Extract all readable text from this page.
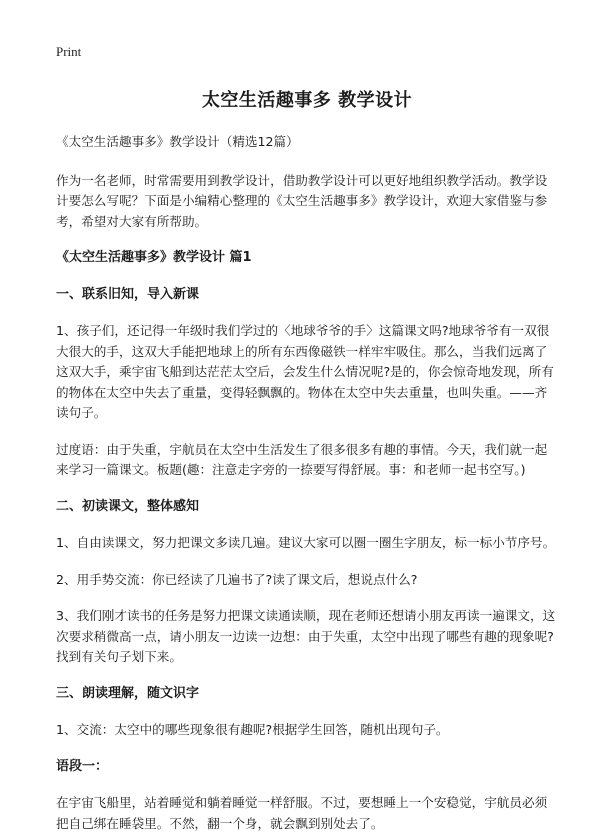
Print
太空生活趣事多 教学设计

《太空生活趣事多》教学设计（精选12篇）

作为一名老师，时常需要用到教学设计，借助教学设计可以更好地组织教学活动。教学设计要怎么写呢？下面是小编精心整理的《太空生活趣事多》教学设计，欢迎大家借鉴与参考，希望对大家有所帮助。

《太空生活趣事多》教学设计 篇1

一、联系旧知，导入新课

1、孩子们，还记得一年级时我们学过的〈地球爷爷的手〉这篇课文吗?地球爷爷有一双很大很大的手，这双大手能把地球上的所有东西像磁铁一样牢牢吸住。那么，当我们远离了这双大手，乘宇宙飞船到达茫茫太空后，会发生什么情况呢?是的，你会惊奇地发现，所有的物体在太空中失去了重量，变得轻飘飘的。物体在太空中失去重量，也叫失重。——齐读句子。

过度语：由于失重，宇航员在太空中生活发生了很多很多有趣的事情。今天，我们就一起来学习一篇课文。板题(趣：注意走字旁的一捺要写得舒展。事：和老师一起书空写。)

二、初读课文，整体感知

1、自由读课文，努力把课文多读几遍。建议大家可以圈一圈生字朋友，标一标小节序号。

2、用手势交流：你已经读了几遍书了?读了课文后，想说点什么?

3、我们刚才读书的任务是努力把课文读通读顺，现在老师还想请小朋友再读一遍课文，这次要求稍微高一点，请小朋友一边读一边想：由于失重，太空中出现了哪些有趣的现象呢?找到有关句子划下来。

三、朗读理解，随文识字

1、交流：太空中的哪些现象很有趣呢?根据学生回答，随机出现句子。

语段一：

在宇宙飞船里，站着睡觉和躺着睡觉一样舒服。不过，要想睡上一个安稳觉，宇航员必须把自己绑在睡袋里。不然，翻一个身，就会飘到别处去了。
